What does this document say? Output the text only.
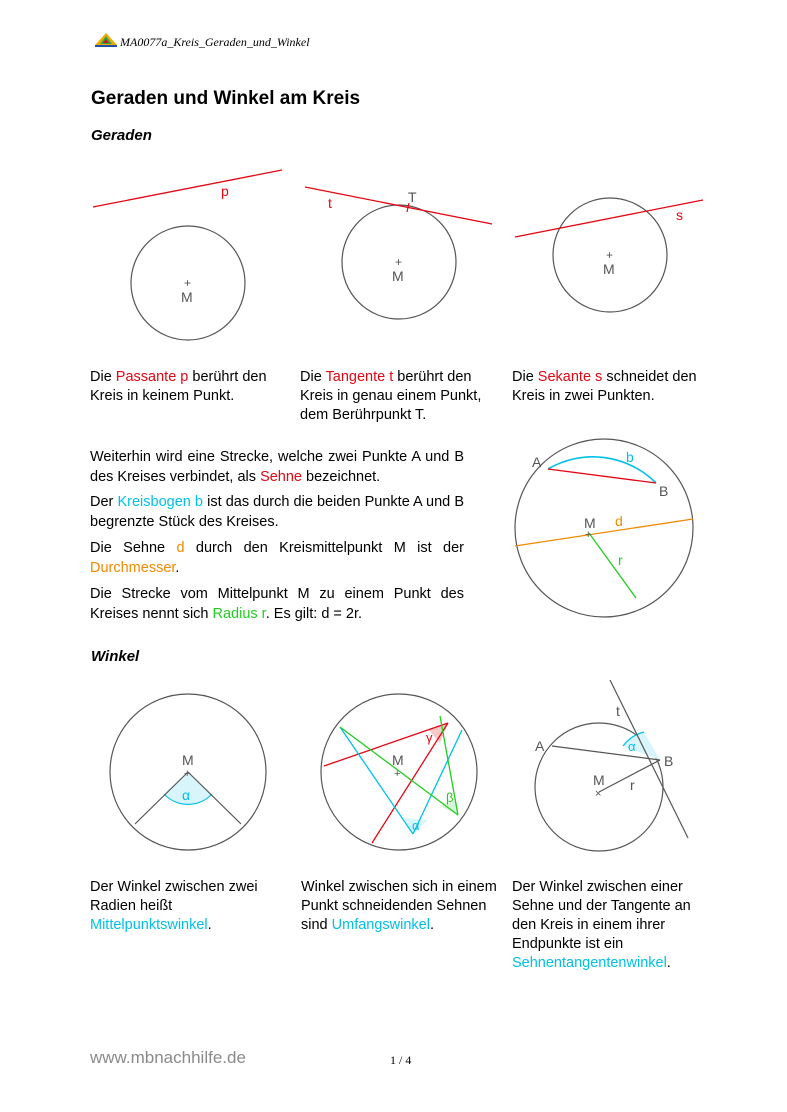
MA0077a_Kreis_Geraden_und_Winkel
Geraden und Winkel am Kreis
Geraden
p
+
M
t	T
+
M
s
+
M
A	b
B
M
+
d
r
M
+
α
M
+
γ
β
α
t
A
B
M
×
r
α
Die Passante p berührt den Kreis in keinem Punkt.
Die Tangente t berührt den Kreis in genau einem Punkt, dem Berührpunkt T.
Die Sekante s schneidet den Kreis in zwei Punkten.
Weiterhin wird eine Strecke, welche zwei Punkte A und B des Kreises verbindet, als Sehne bezeichnet.
Der Kreisbogen b ist das durch die beiden Punkte A und B begrenzte Stück des Kreises.
Die Sehne d durch den Kreismittelpunkt M ist der Durchmesser.
Die Strecke vom Mittelpunkt M zu einem Punkt des Kreises nennt sich Radius r. Es gilt: d = 2r.
Winkel
Der Winkel zwischen zwei Radien heißt Mittelpunktswinkel.
Winkel zwischen sich in einem Punkt schneidenden Sehnen sind Umfangswinkel.
Der Winkel zwischen einer Sehne und der Tangente an den Kreis in einem ihrer Endpunkte ist ein Sehnentangentenwinkel.
www.mbnachhilfe.de	1 / 4
